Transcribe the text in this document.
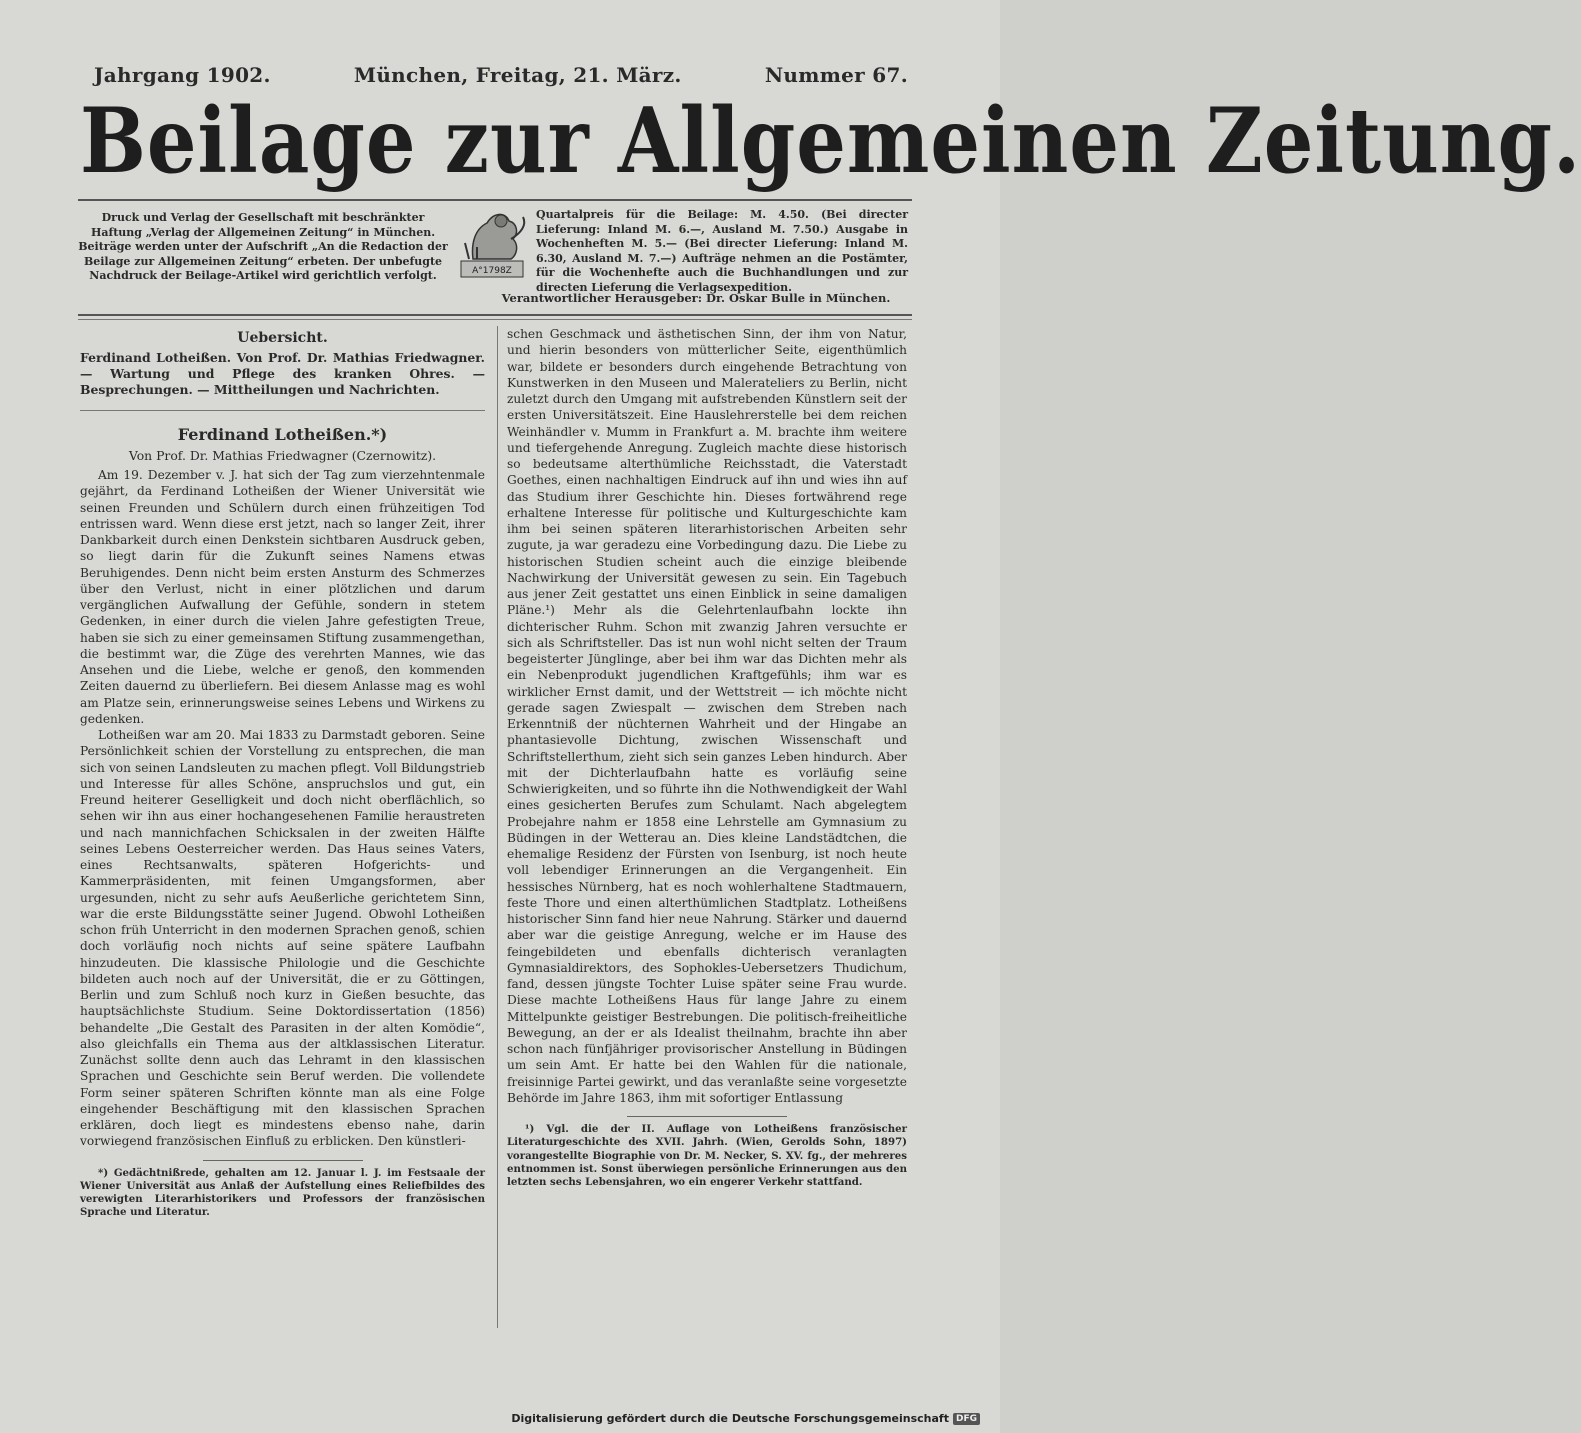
Jahrgang 1902.	München, Freitag, 21. März.	Nummer 67.
Beilage zur Allgemeinen Zeitung.
Druck und Verlag der Gesellschaft mit beschränkter Haftung „Verlag der Allgemeinen Zeitung“ in München. Beiträge werden unter der Aufschrift „An die Redaction der Beilage zur Allgemeinen Zeitung“ erbeten. Der unbefugte Nachdruck der Beilage-Artikel wird gerichtlich verfolgt.	A°1798Z
Quartalpreis für die Beilage: M. 4.50. (Bei directer Lieferung: Inland M. 6.—, Ausland M. 7.50.) Ausgabe in Wochenheften M. 5.— (Bei directer Lieferung: Inland M. 6.30, Ausland M. 7.—) Aufträge nehmen an die Postämter, für die Wochenhefte auch die Buchhandlungen und zur directen Lieferung die Verlagsexpedition.
Verantwortlicher Herausgeber: Dr. Oskar Bulle in München.

Uebersicht.

Ferdinand Lotheißen. Von Prof. Dr. Mathias Friedwagner. — Wartung und Pflege des kranken Ohres. — Besprechungen. — Mittheilungen und Nachrichten.

Ferdinand Lotheißen.*)

Von Prof. Dr. Mathias Friedwagner (Czernowitz).

Am 19. Dezember v. J. hat sich der Tag zum vierzehntenmale gejährt, da Ferdinand Lotheißen der Wiener Universität wie seinen Freunden und Schülern durch einen frühzeitigen Tod entrissen ward. Wenn diese erst jetzt, nach so langer Zeit, ihrer Dankbarkeit durch einen Denkstein sichtbaren Ausdruck geben, so liegt darin für die Zukunft seines Namens etwas Beruhigendes. Denn nicht beim ersten Ansturm des Schmerzes über den Verlust, nicht in einer plötzlichen und darum vergänglichen Aufwallung der Gefühle, sondern in stetem Gedenken, in einer durch die vielen Jahre gefestigten Treue, haben sie sich zu einer gemeinsamen Stiftung zusammengethan, die bestimmt war, die Züge des verehrten Mannes, wie das Ansehen und die Liebe, welche er genoß, den kommenden Zeiten dauernd zu überliefern. Bei diesem Anlasse mag es wohl am Platze sein, erinnerungsweise seines Lebens und Wirkens zu gedenken.

Lotheißen war am 20. Mai 1833 zu Darmstadt geboren. Seine Persönlichkeit schien der Vorstellung zu entsprechen, die man sich von seinen Landsleuten zu machen pflegt. Voll Bildungstrieb und Interesse für alles Schöne, anspruchslos und gut, ein Freund heiterer Geselligkeit und doch nicht oberflächlich, so sehen wir ihn aus einer hochangesehenen Familie heraustreten und nach mannichfachen Schicksalen in der zweiten Hälfte seines Lebens Oesterreicher werden. Das Haus seines Vaters, eines Rechtsanwalts, späteren Hofgerichts- und Kammerpräsidenten, mit feinen Umgangsformen, aber urgesunden, nicht zu sehr aufs Aeußerliche gerichtetem Sinn, war die erste Bildungsstätte seiner Jugend. Obwohl Lotheißen schon früh Unterricht in den modernen Sprachen genoß, schien doch vorläufig noch nichts auf seine spätere Laufbahn hinzudeuten. Die klassische Philologie und die Geschichte bildeten auch noch auf der Universität, die er zu Göttingen, Berlin und zum Schluß noch kurz in Gießen besuchte, das hauptsächlichste Studium. Seine Doktordissertation (1856) behandelte „Die Gestalt des Parasiten in der alten Komödie“, also gleichfalls ein Thema aus der altklassischen Literatur. Zunächst sollte denn auch das Lehramt in den klassischen Sprachen und Geschichte sein Beruf werden. Die vollendete Form seiner späteren Schriften könnte man als eine Folge eingehender Beschäftigung mit den klassischen Sprachen erklären, doch liegt es mindestens ebenso nahe, darin vorwiegend französischen Einfluß zu erblicken. Den künstleri-

*) Gedächtnißrede, gehalten am 12. Januar l. J. im Festsaale der Wiener Universität aus Anlaß der Aufstellung eines Reliefbildes des verewigten Literarhistorikers und Professors der französischen Sprache und Literatur.

schen Geschmack und ästhetischen Sinn, der ihm von Natur, und hierin besonders von mütterlicher Seite, eigenthümlich war, bildete er besonders durch eingehende Betrachtung von Kunstwerken in den Museen und Malerateliers zu Berlin, nicht zuletzt durch den Umgang mit aufstrebenden Künstlern seit der ersten Universitätszeit. Eine Hauslehrerstelle bei dem reichen Weinhändler v. Mumm in Frankfurt a. M. brachte ihm weitere und tiefergehende Anregung. Zugleich machte diese historisch so bedeutsame alterthümliche Reichsstadt, die Vaterstadt Goethes, einen nachhaltigen Eindruck auf ihn und wies ihn auf das Studium ihrer Geschichte hin. Dieses fortwährend rege erhaltene Interesse für politische und Kulturgeschichte kam ihm bei seinen späteren literarhistorischen Arbeiten sehr zugute, ja war geradezu eine Vorbedingung dazu. Die Liebe zu historischen Studien scheint auch die einzige bleibende Nachwirkung der Universität gewesen zu sein. Ein Tagebuch aus jener Zeit gestattet uns einen Einblick in seine damaligen Pläne.¹) Mehr als die Gelehrtenlaufbahn lockte ihn dichterischer Ruhm. Schon mit zwanzig Jahren versuchte er sich als Schriftsteller. Das ist nun wohl nicht selten der Traum begeisterter Jünglinge, aber bei ihm war das Dichten mehr als ein Nebenprodukt jugendlichen Kraftgefühls; ihm war es wirklicher Ernst damit, und der Wettstreit — ich möchte nicht gerade sagen Zwiespalt — zwischen dem Streben nach Erkenntniß der nüchternen Wahrheit und der Hingabe an phantasievolle Dichtung, zwischen Wissenschaft und Schriftstellerthum, zieht sich sein ganzes Leben hindurch. Aber mit der Dichterlaufbahn hatte es vorläufig seine Schwierigkeiten, und so führte ihn die Nothwendigkeit der Wahl eines gesicherten Berufes zum Schulamt. Nach abgelegtem Probejahre nahm er 1858 eine Lehrstelle am Gymnasium zu Büdingen in der Wetterau an. Dies kleine Landstädtchen, die ehemalige Residenz der Fürsten von Isenburg, ist noch heute voll lebendiger Erinnerungen an die Vergangenheit. Ein hessisches Nürnberg, hat es noch wohlerhaltene Stadtmauern, feste Thore und einen alterthümlichen Stadtplatz. Lotheißens historischer Sinn fand hier neue Nahrung. Stärker und dauernd aber war die geistige Anregung, welche er im Hause des feingebildeten und ebenfalls dichterisch veranlagten Gymnasialdirektors, des Sophokles-Uebersetzers Thudichum, fand, dessen jüngste Tochter Luise später seine Frau wurde. Diese machte Lotheißens Haus für lange Jahre zu einem Mittelpunkte geistiger Bestrebungen. Die politisch-freiheitliche Bewegung, an der er als Idealist theilnahm, brachte ihn aber schon nach fünfjähriger provisorischer Anstellung in Büdingen um sein Amt. Er hatte bei den Wahlen für die nationale, freisinnige Partei gewirkt, und das veranlaßte seine vorgesetzte Behörde im Jahre 1863, ihm mit sofortiger Entlassung

¹) Vgl. die der II. Auflage von Lotheißens französischer Literaturgeschichte des XVII. Jahrh. (Wien, Gerolds Sohn, 1897) vorangestellte Biographie von Dr. M. Necker, S. XV. fg., der mehreres entnommen ist. Sonst überwiegen persönliche Erinnerungen aus den letzten sechs Lebensjahren, wo ein engerer Verkehr stattfand.

Digitalisierung gefördert durch die Deutsche Forschungsgemeinschaft DFG
